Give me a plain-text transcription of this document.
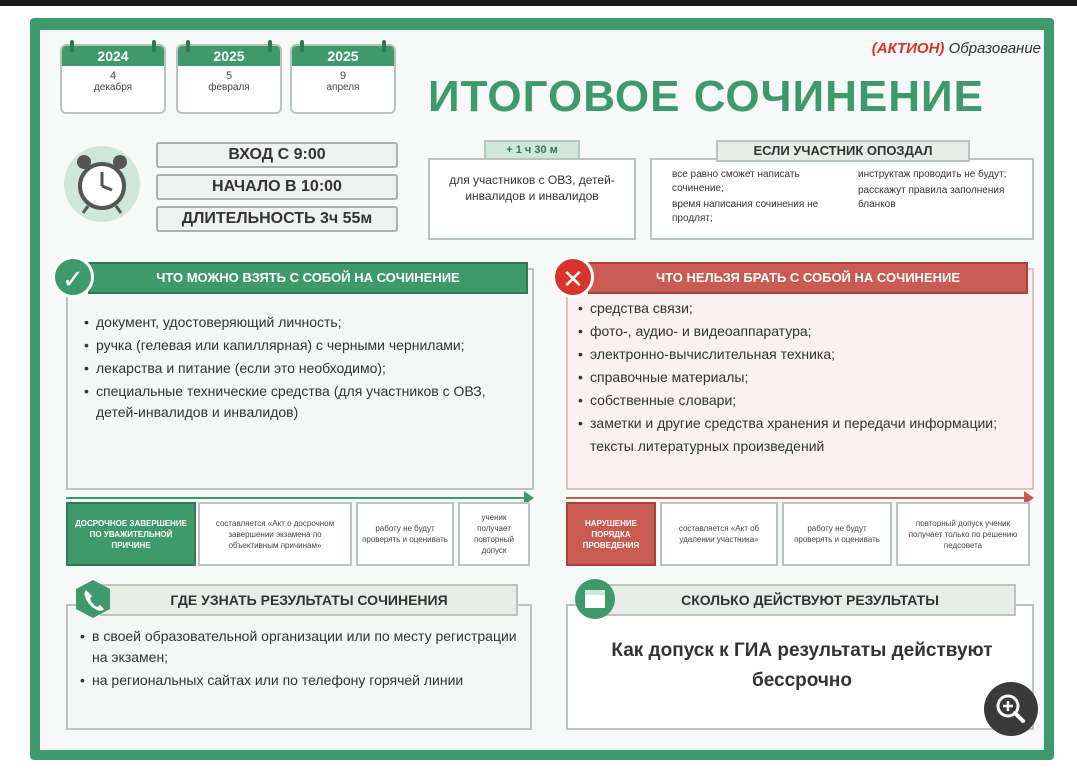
2024
4
декабря
2025
5
февраля
2025
9
апреля
(АКТИОН) Образование
ИТОГОВОЕ СОЧИНЕНИЕ
ВХОД С 9:00
НАЧАЛО В 10:00
ДЛИТЕЛЬНОСТЬ 3ч 55м
для участников с ОВЗ, детей-инвалидов и инвалидов
+ 1 ч 30 м

все равно сможет написать сочинение;

время написания сочинения не продлят;

инструктаж проводить не будут;

расскажут правила заполнения бланков

ЕСЛИ УЧАСТНИК ОПОЗДАЛ
• документ, удостоверяющий личность;
• ручка (гелевая или капиллярная) с черными чернилами;
• лекарства и питание (если это необходимо);
• специальные технические средства (для участников с ОВЗ, детей-инвалидов и инвалидов)
ЧТО МОЖНО ВЗЯТЬ С СОБОЙ НА СОЧИНЕНИЕ
✓
• средства связи;
• фото-, аудио- и видеоаппаратура;
• электронно-вычислительная техника;
• справочные материалы;
• собственные словари;
• заметки и другие средства хранения и передачи информации;
тексты литературных произведений
ЧТО НЕЛЬЗЯ БРАТЬ С СОБОЙ НА СОЧИНЕНИЕ
✕
ДОСРОЧНОЕ ЗАВЕРШЕНИЕ ПО УВАЖИТЕЛЬНОЙ ПРИЧИНЕ
составляется «Акт о досрочном завершении экзамена по объективным причинам»
работу не будут проверять и оценивать
ученик получает повторный допуск
НАРУШЕНИЕ ПОРЯДКА ПРОВЕДЕНИЯ
составляется «Акт об удалении участника»
работу не будут проверять и оценивать
повторный допуск ученик получает только по решению педсовета
• в своей образовательной организации или по месту регистрации на экзамен;
• на региональных сайтах или по телефону горячей линии
ГДЕ УЗНАТЬ РЕЗУЛЬТАТЫ СОЧИНЕНИЯ	СКОЛЬКО ДЕЙСТВУЮТ РЕЗУЛЬТАТЫ
Как допуск к ГИА результаты действуют бессрочно
